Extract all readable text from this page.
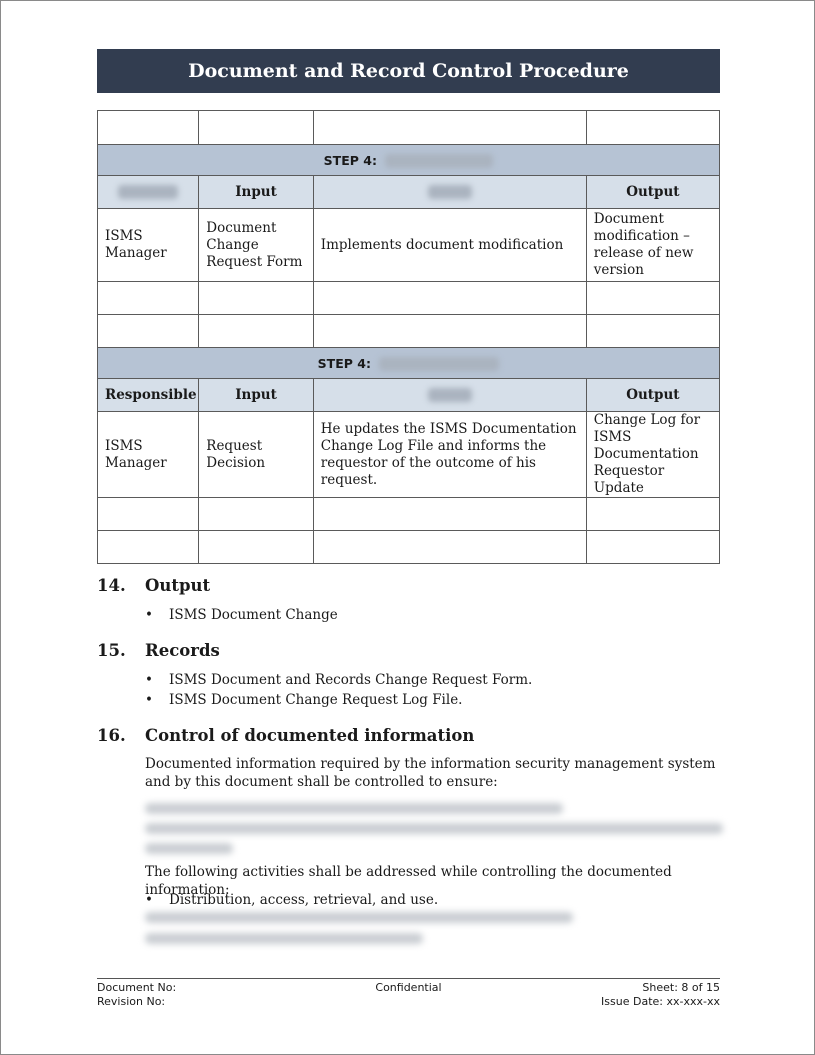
Document and Record Control Procedure

STEP 4:			
	Input		Output
ISMS Manager	Document Change Request Form	Implements document modification	Document modification – release of new version

STEP 4:			
Responsible	Input		Output
ISMS Manager	Request Decision	He updates the ISMS Documentation Change Log File and informs the requestor of the outcome of his request.	Change Log for ISMS Documentation Requestor Update

14. Output
• ISMS Document Change
15. Records
• ISMS Document and Records Change Request Form.
• ISMS Document Change Request Log File.
16. Control of documented information
Documented information required by the information security management system and by this document shall be controlled to ensure:
The following activities shall be addressed while controlling the documented information:
• Distribution, access, retrieval, and use.
Document No:
Revision No:
Confidential	Sheet: 8 of 15
Issue Date: xx-xxx-xx
